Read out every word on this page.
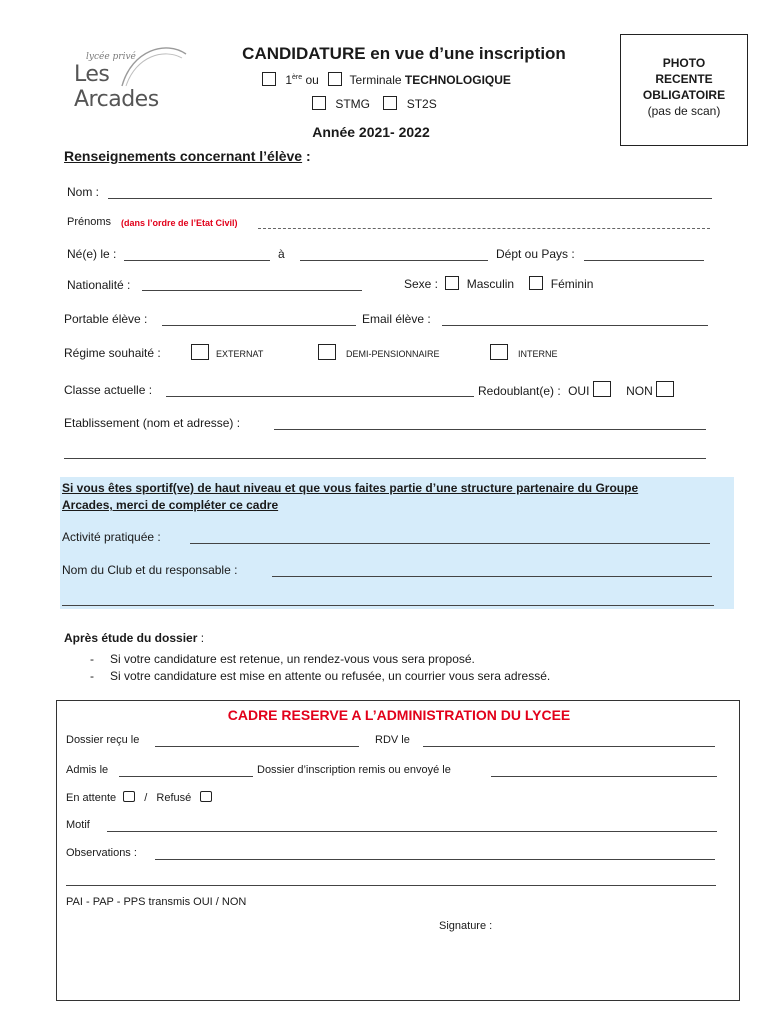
lycée privé
Les Arcades
CANDIDATURE en vue d’une inscription
1ère ou	Terminale TECHNOLOGIQUE
STMG	ST2S
Année 2021- 2022
PHOTO
RECENTE
OBLIGATOIRE
(pas de scan)
Renseignements concernant l’élève :
Nom :
Prénoms (dans l’ordre de l’Etat Civil)
Né(e) le :	à	Dépt ou Pays :
Nationalité :	Sexe : Masculin	Féminin
Portable élève :	Email élève :
Régime souhaité :	EXTERNAT	DEMI-PENSIONNAIRE	INTERNE
Classe actuelle :	Redoublant(e) : OUI	NON
Etablissement (nom et adresse) :
Si vous êtes sportif(ve) de haut niveau et que vous faites partie d’une structure partenaire du Groupe
Arcades, merci de compléter ce cadre
Activité pratiquée :
Nom du Club et du responsable :
Après étude du dossier :
- Si votre candidature est retenue, un rendez-vous vous sera proposé.
- Si votre candidature est mise en attente ou refusée, un courrier vous sera adressé.
CADRE RESERVE A L’ADMINISTRATION DU LYCEE
Dossier reçu le	RDV le
Admis le	Dossier d’inscription remis ou envoyé le
En attente	/ Refusé
Motif
Observations :
PAI - PAP - PPS transmis OUI / NON
Signature :
